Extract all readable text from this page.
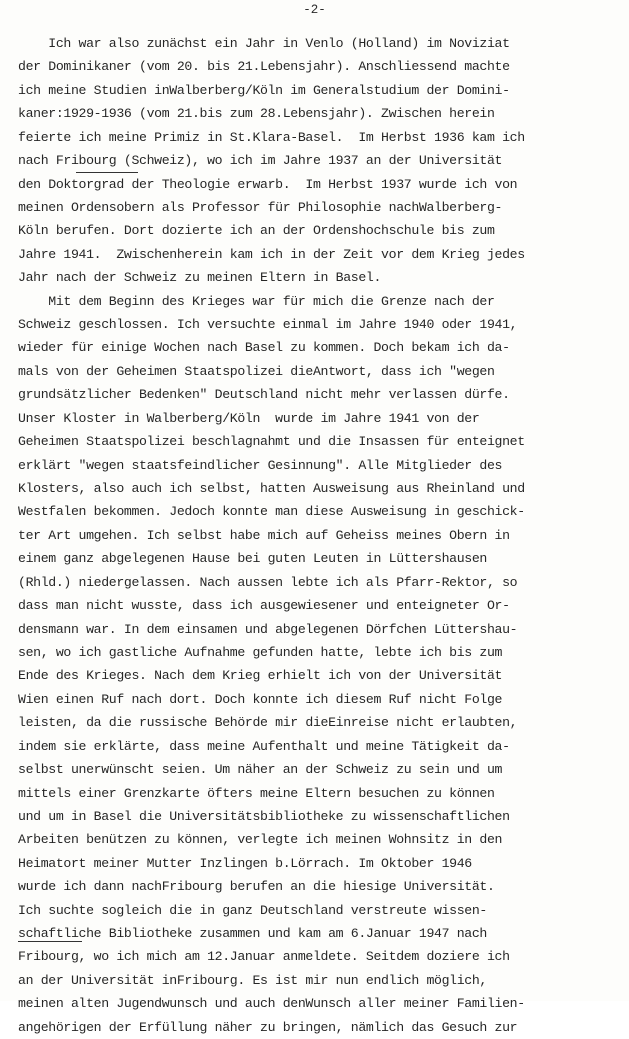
-2-
Ich war also zunächst ein Jahr in Venlo (Holland) im Noviziat
der Dominikaner (vom 20. bis 21.Lebensjahr). Anschliessend machte
ich meine Studien inWalberberg/Köln im Generalstudium der Domini-
kaner:1929-1936 (vom 21.bis zum 28.Lebensjahr). Zwischen herein
feierte ich meine Primiz in St.Klara-Basel.  Im Herbst 1936 kam ich
nach Fribourg (Schweiz), wo ich im Jahre 1937 an der Universität
den Doktorgrad der Theologie erwarb.  Im Herbst 1937 wurde ich von
meinen Ordensobern als Professor für Philosophie nachWalberberg-
Köln berufen. Dort dozierte ich an der Ordenshochschule bis zum
Jahre 1941.  Zwischenherein kam ich in der Zeit vor dem Krieg jedes
Jahr nach der Schweiz zu meinen Eltern in Basel.
Mit dem Beginn des Krieges war für mich die Grenze nach der
Schweiz geschlossen. Ich versuchte einmal im Jahre 1940 oder 1941,
wieder für einige Wochen nach Basel zu kommen. Doch bekam ich da-
mals von der Geheimen Staatspolizei dieAntwort, dass ich "wegen
grundsätzlicher Bedenken" Deutschland nicht mehr verlassen dürfe.
Unser Kloster in Walberberg/Köln  wurde im Jahre 1941 von der
Geheimen Staatspolizei beschlagnahmt und die Insassen für enteignet
erklärt "wegen staatsfeindlicher Gesinnung". Alle Mitglieder des
Klosters, also auch ich selbst, hatten Ausweisung aus Rheinland und
Westfalen bekommen. Jedoch konnte man diese Ausweisung in geschick-
ter Art umgehen. Ich selbst habe mich auf Geheiss meines Obern in
einem ganz abgelegenen Hause bei guten Leuten in Lüttershausen
(Rhld.) niedergelassen. Nach aussen lebte ich als Pfarr-Rektor, so
dass man nicht wusste, dass ich ausgewiesener und enteigneter Or-
densmann war. In dem einsamen und abgelegenen Dörfchen Lüttershau-
sen, wo ich gastliche Aufnahme gefunden hatte, lebte ich bis zum
Ende des Krieges. Nach dem Krieg erhielt ich von der Universität
Wien einen Ruf nach dort. Doch konnte ich diesem Ruf nicht Folge
leisten, da die russische Behörde mir dieEinreise nicht erlaubten,
indem sie erklärte, dass meine Aufenthalt und meine Tätigkeit da-
selbst unerwünscht seien. Um näher an der Schweiz zu sein und um
mittels einer Grenzkarte öfters meine Eltern besuchen zu können
und um in Basel die Universitätsbibliotheke zu wissenschaftlichen
Arbeiten benützen zu können, verlegte ich meinen Wohnsitz in den
Heimatort meiner Mutter Inzlingen b.Lörrach. Im Oktober 1946
wurde ich dann nachFribourg berufen an die hiesige Universität.
Ich suchte sogleich die in ganz Deutschland verstreute wissen-
schaftliche Bibliotheke zusammen und kam am 6.Januar 1947 nach
Fribourg, wo ich mich am 12.Januar anmeldete. Seitdem doziere ich
an der Universität inFribourg. Es ist mir nun endlich möglich,
meinen alten Jugendwunsch und auch denWunsch aller meiner Familien-
angehörigen der Erfüllung näher zu bringen, nämlich das Gesuch zur
